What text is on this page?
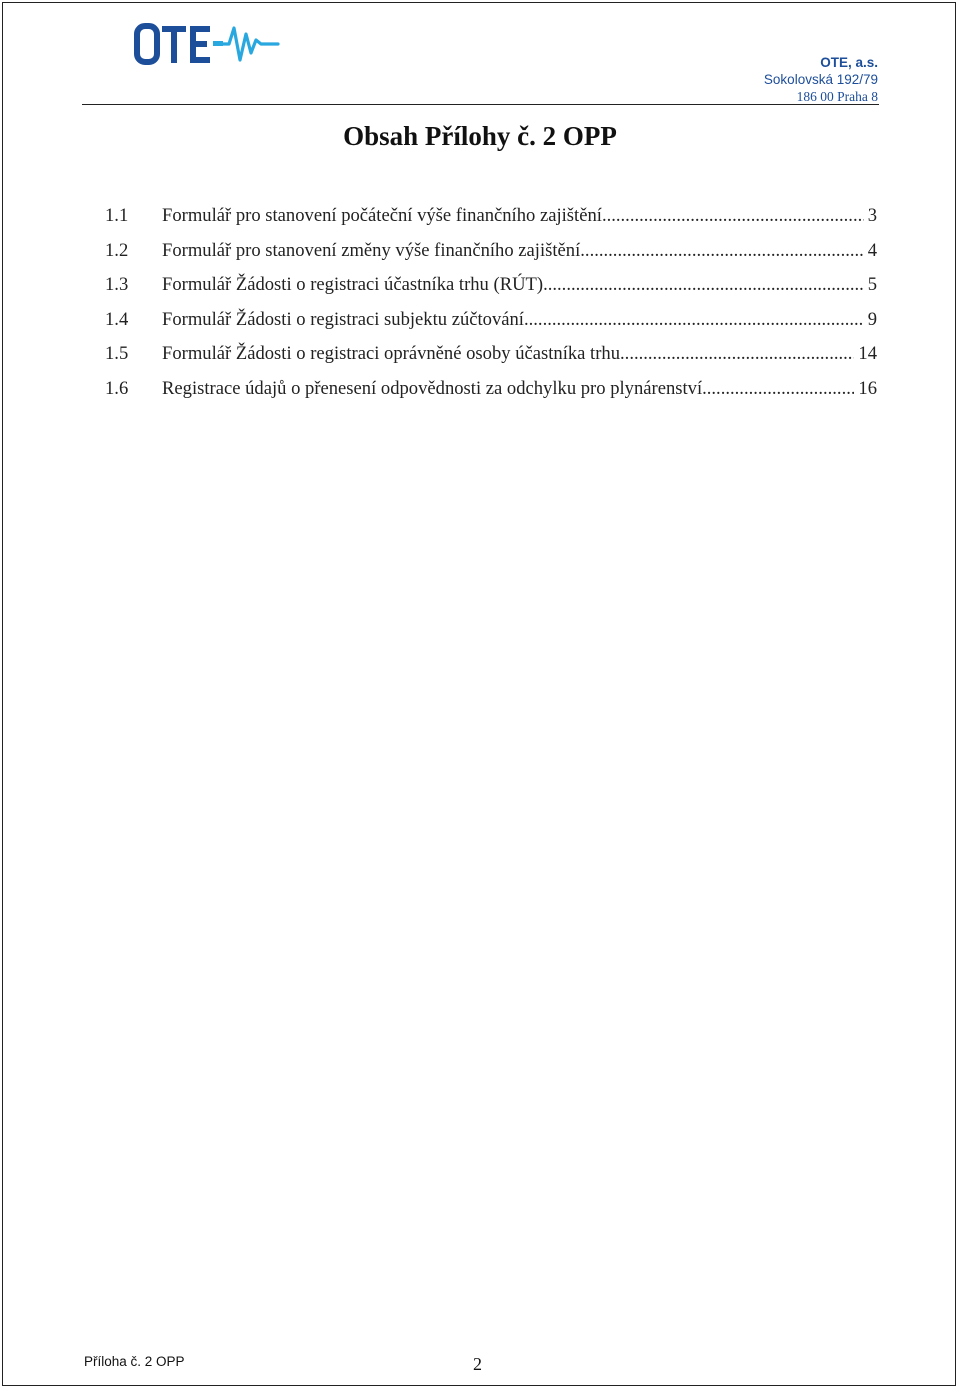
OTE, a.s.
Sokolovská 192/79
186 00 Praha 8
Obsah Přílohy č. 2 OPP
1.1	Formulář pro stanovení počáteční výše finančního zajištění .....	3
1.2	Formulář pro stanovení změny výše finančního zajištění .....	4
1.3	Formulář Žádosti o registraci účastníka trhu (RÚT) .....	5
1.4	Formulář Žádosti o registraci subjektu zúčtování .....	9
1.5	Formulář Žádosti o registraci oprávněné osoby účastníka trhu .....	14
1.6	Registrace údajů o přenesení odpovědnosti za odchylku pro plynárenství .....	16
Příloha č. 2 OPP	2
